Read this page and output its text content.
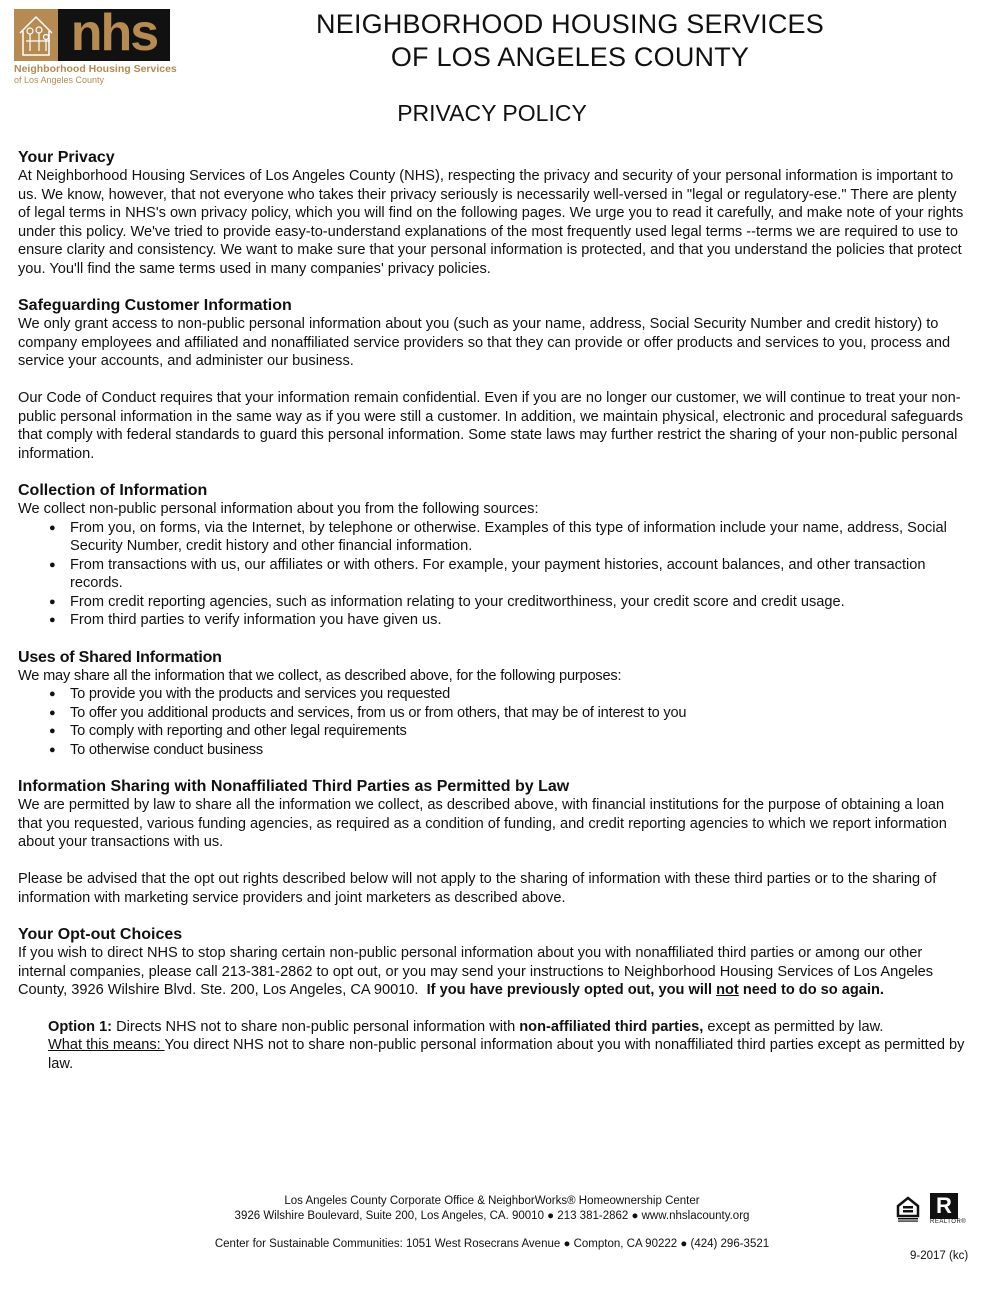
nhs
Neighborhood Housing Services
of Los Angeles County
NEIGHBORHOOD HOUSING SERVICES
OF LOS ANGELES COUNTY
PRIVACY POLICY
Your Privacy

At Neighborhood Housing Services of Los Angeles County (NHS), respecting the privacy and security of your personal information is important to us. We know, however, that not everyone who takes their privacy seriously is necessarily well-versed in "legal or regulatory-ese." There are plenty of legal terms in NHS's own privacy policy, which you will find on the following pages. We urge you to read it carefully, and make note of your rights under this policy. We've tried to provide easy-to-understand explanations of the most frequently used legal terms --terms we are required to use to ensure clarity and consistency. We want to make sure that your personal information is protected, and that you understand the policies that protect you. You'll find the same terms used in many companies' privacy policies.

Safeguarding Customer Information

We only grant access to non-public personal information about you (such as your name, address, Social Security Number and credit history) to company employees and affiliated and nonaffiliated service providers so that they can provide or offer products and services to you, process and service your accounts, and administer our business.

Our Code of Conduct requires that your information remain confidential. Even if you are no longer our customer, we will continue to treat your non-public personal information in the same way as if you were still a customer. In addition, we maintain physical, electronic and procedural safeguards that comply with federal standards to guard this personal information. Some state laws may further restrict the sharing of your non-public personal information.

Collection of Information

We collect non-public personal information about you from the following sources:

● From you, on forms, via the Internet, by telephone or otherwise. Examples of this type of information include your name, address, Social Security Number, credit history and other financial information.
● From transactions with us, our affiliates or with others. For example, your payment histories, account balances, and other transaction records.
● From credit reporting agencies, such as information relating to your creditworthiness, your credit score and credit usage.
● From third parties to verify information you have given us.
Uses of Shared Information

We may share all the information that we collect, as described above, for the following purposes:

● To provide you with the products and services you requested
● To offer you additional products and services, from us or from others, that may be of interest to you
● To comply with reporting and other legal requirements
● To otherwise conduct business
Information Sharing with Nonaffiliated Third Parties as Permitted by Law

We are permitted by law to share all the information we collect, as described above, with financial institutions for the purpose of obtaining a loan that you requested, various funding agencies, as required as a condition of funding, and credit reporting agencies to which we report information about your transactions with us.

Please be advised that the opt out rights described below will not apply to the sharing of information with these third parties or to the sharing of information with marketing service providers and joint marketers as described above.

Your Opt-out Choices

If you wish to direct NHS to stop sharing certain non-public personal information about you with nonaffiliated third parties or among our other internal companies, please call 213-381-2862 to opt out, or you may send your instructions to Neighborhood Housing Services of Los Angeles County, 3926 Wilshire Blvd. Ste. 200, Los Angeles, CA 90010. If you have previously opted out, you will not need to do so again.

Option 1: Directs NHS not to share non-public personal information with non-affiliated third parties, except as permitted by law.

What this means: You direct NHS not to share non-public personal information about you with nonaffiliated third parties except as permitted by law.

Los Angeles County Corporate Office & NeighborWorks® Homeownership Center
3926 Wilshire Boulevard, Suite 200, Los Angeles, CA. 90010 ● 213 381-2862 ● www.nhslacounty.org
Center for Sustainable Communities: 1051 West Rosecrans Avenue ● Compton, CA 90222 ● (424) 296-3521
R
REALTOR®
9-2017 (kc)
